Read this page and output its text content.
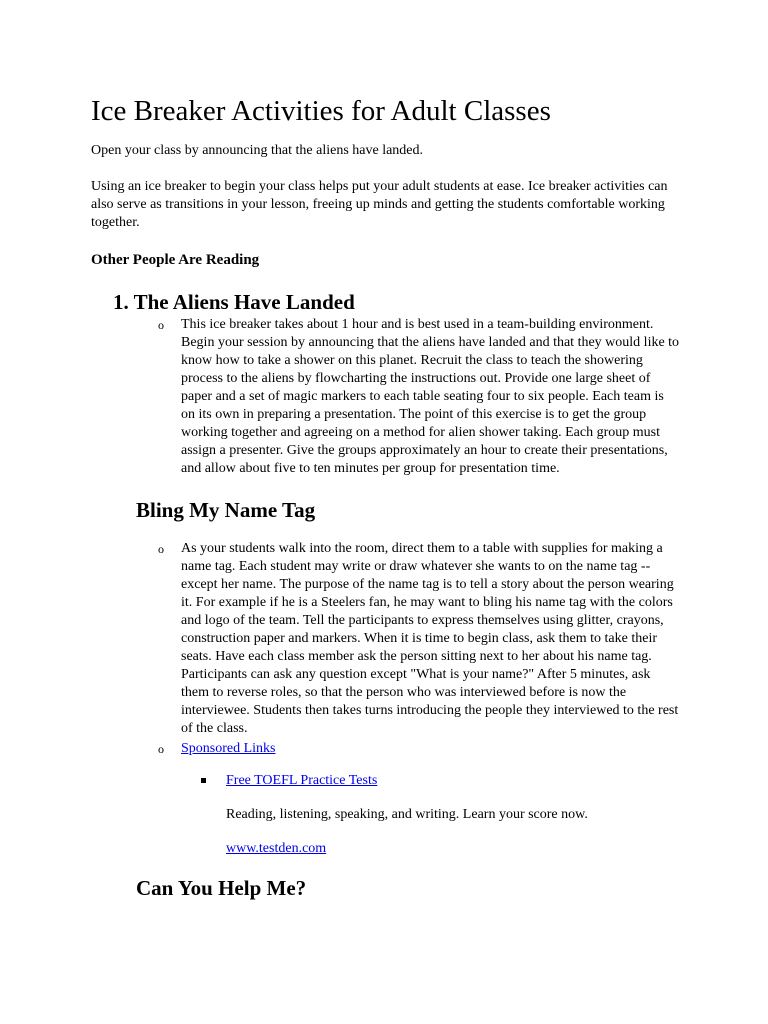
Ice Breaker Activities for Adult Classes

Open your class by announcing that the aliens have landed.

Using an ice breaker to begin your class helps put your adult students at ease. Ice breaker activities can also serve as transitions in your lesson, freeing up minds and getting the students comfortable working together.

Other People Are Reading
1. The Aliens Have Landed
o This ice breaker takes about 1 hour and is best used in a team-building environment. Begin your session by announcing that the aliens have landed and that they would like to know how to take a shower on this planet. Recruit the class to teach the showering process to the aliens by flowcharting the instructions out. Provide one large sheet of paper and a set of magic markers to each table seating four to six people. Each team is on its own in preparing a presentation. The point of this exercise is to get the group working together and agreeing on a method for alien shower taking. Each group must assign a presenter. Give the groups approximately an hour to create their presentations, and allow about five to ten minutes per group for presentation time.
Bling My Name Tag
o As your students walk into the room, direct them to a table with supplies for making a name tag. Each student may write or draw whatever she wants to on the name tag -- except her name. The purpose of the name tag is to tell a story about the person wearing it. For example if he is a Steelers fan, he may want to bling his name tag with the colors and logo of the team. Tell the participants to express themselves using glitter, crayons, construction paper and markers. When it is time to begin class, ask them to take their seats. Have each class member ask the person sitting next to her about his name tag. Participants can ask any question except "What is your name?" After 5 minutes, ask them to reverse roles, so that the person who was interviewed before is now the interviewee. Students then takes turns introducing the people they interviewed to the rest of the class.
o Sponsored Links
Free TOEFL Practice Tests
Reading, listening, speaking, and writing. Learn your score now.
www.testden.com
Can You Help Me?
